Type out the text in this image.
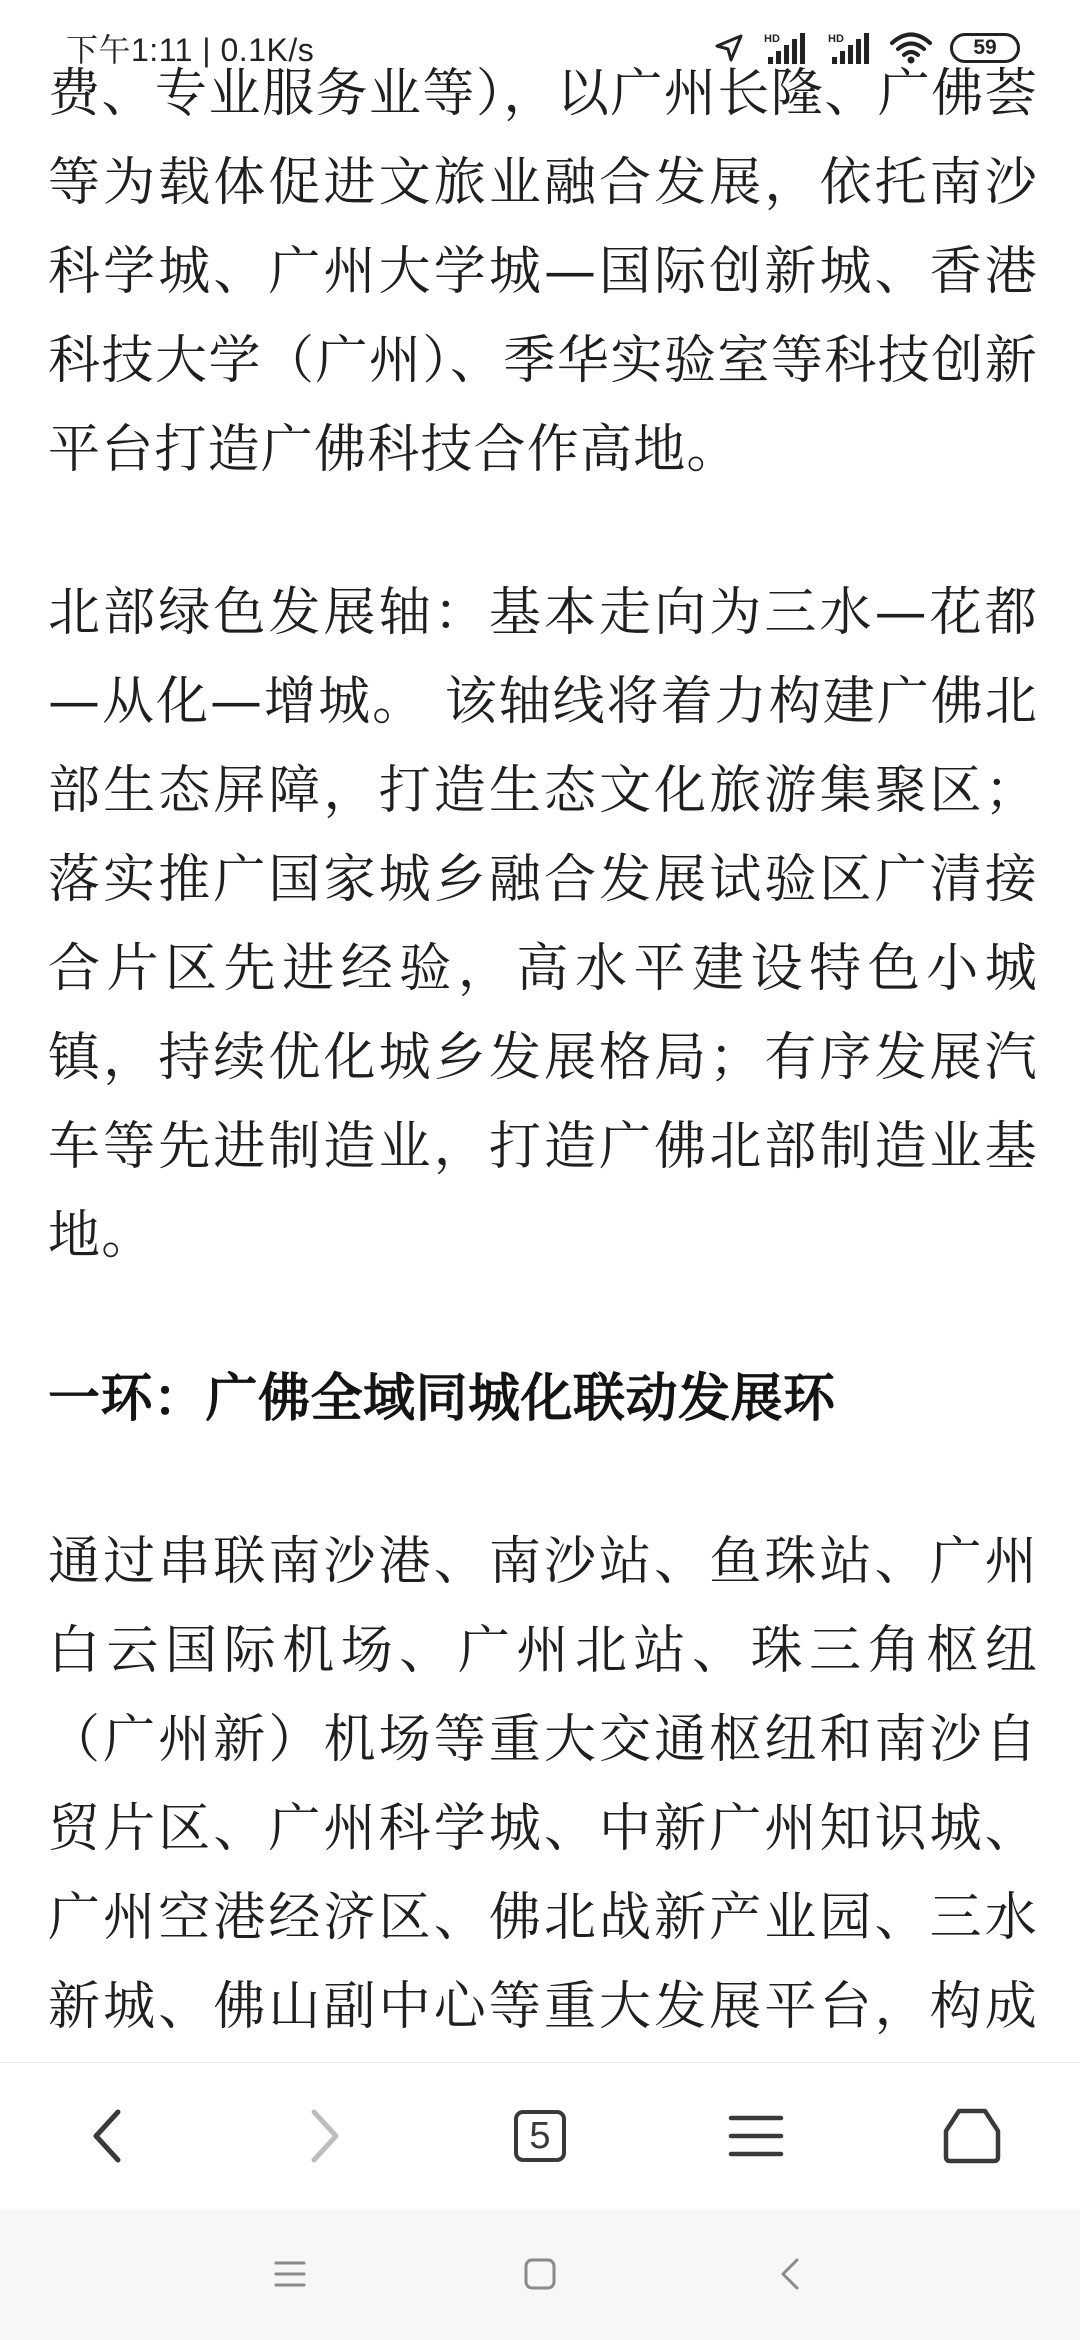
下午1:11 | 0.1K/s	HD	HD	59

费、专业服务业等），以广州长隆、广佛荟等为载体促进文旅业融合发展，依托南沙科学城、广州大学城—国际创新城、香港科技大学（广州）、季华实验室等科技创新平台打造广佛科技合作高地。

北部绿色发展轴：基本走向为三水—花都—从化—增城。 该轴线将着力构建广佛北部生态屏障，打造生态文化旅游集聚区；落实推广国家城乡融合发展试验区广清接合片区先进经验，高水平建设特色小城镇，持续优化城乡发展格局；有序发展汽车等先进制造业，打造广佛北部制造业基地。

一环：广佛全域同城化联动发展环

通过串联南沙港、南沙站、鱼珠站、广州白云国际机场、广州北站、珠三角枢纽（广州新）机场等重大交通枢纽和南沙自贸片区、广州科学城、中新广州知识城、广州空港经济区、佛北战新产业园、三水新城、佛山副中心等重大发展平台，构成

5
